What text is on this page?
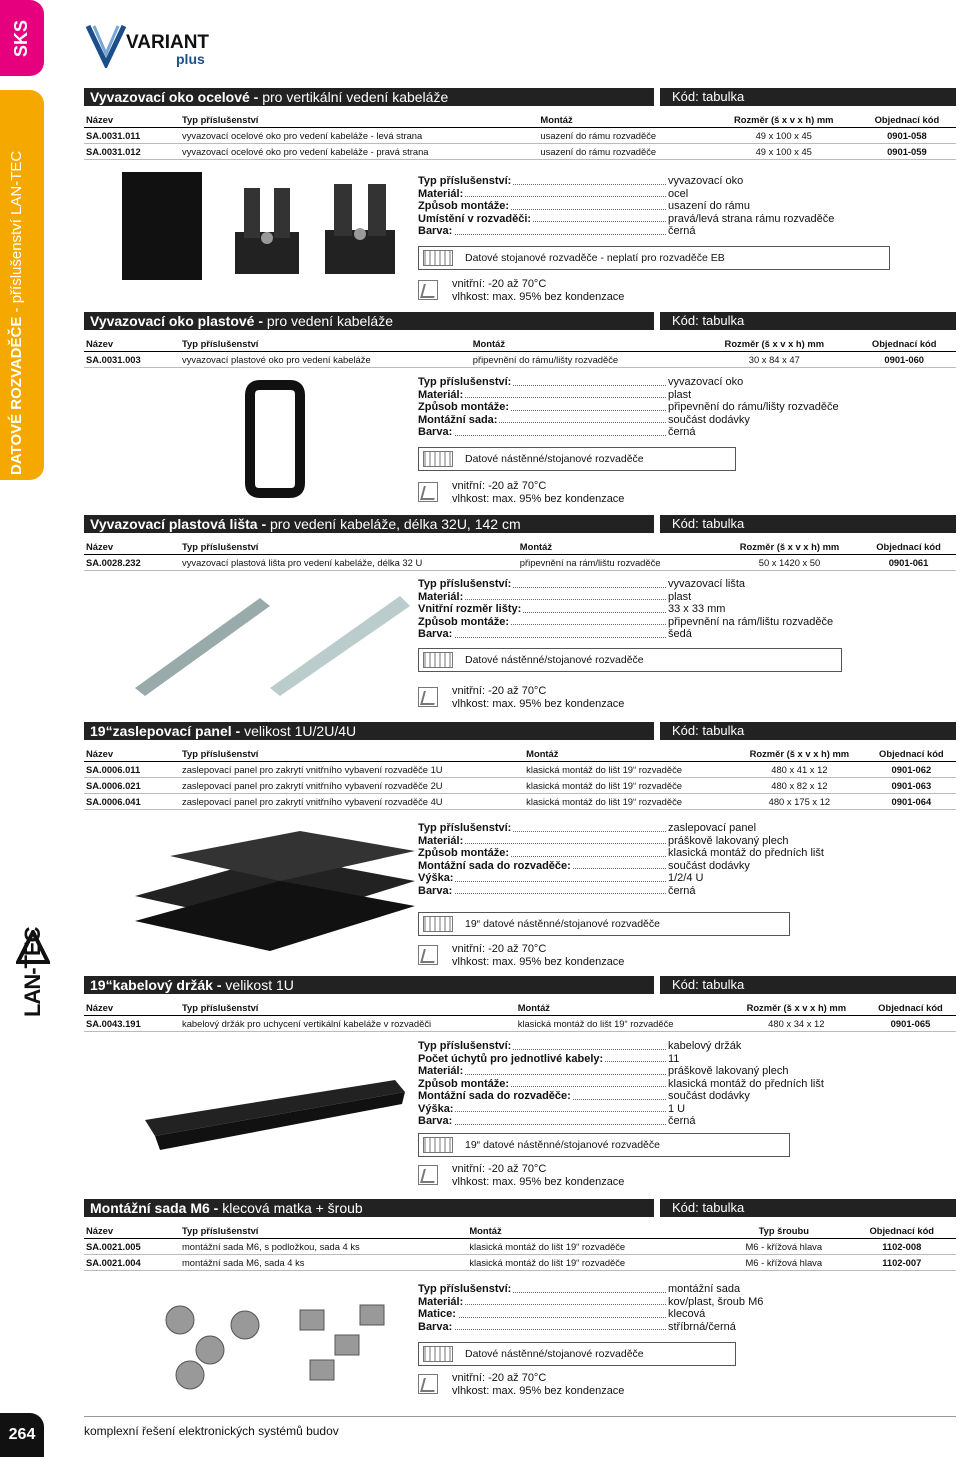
SKS
DATOVÉ ROZVADĚČE - příslušenství LAN-TEC
LAN-TEC
264
VARIANT
plus
Vyvazovací oko ocelové - pro vertikální vedení kabeláže	Kód: tabulka
Název	Typ příslušenství	Montáž	Rozměr (š x v x h) mm	Objednací kód
SA.0031.011	vyvazovací ocelové oko pro vedení kabeláže - levá strana	usazení do rámu rozvaděče	49 x 100 x 45	0901-058
SA.0031.012	vyvazovací ocelové oko pro vedení kabeláže - pravá strana	usazení do rámu rozvaděče	49 x 100 x 45	0901-059
Typ příslušenství:	vyvazovací oko
Materiál:	ocel
Způsob montáže:	usazení do rámu
Umístění v rozvaděči:	pravá/levá strana rámu rozvaděče
Barva:	černá
Datové stojanové rozvaděče - neplatí pro rozvaděče EB
vnitřní: -20 až 70°C
vlhkost: max. 95% bez kondenzace
Vyvazovací oko plastové - pro vedení kabeláže	Kód: tabulka
Název	Typ příslušenství	Montáž	Rozměr (š x v x h) mm	Objednací kód
SA.0031.003	vyvazovací plastové oko pro vedení kabeláže	připevnění do rámu/lišty rozvaděče	30 x 84 x 47	0901-060
Typ příslušenství:	vyvazovací oko
Materiál:	plast
Způsob montáže:	připevnění do rámu/lišty rozvaděče
Montážní sada:	součást dodávky
Barva:	černá
Datové nástěnné/stojanové rozvaděče
vnitřní: -20 až 70°C
vlhkost: max. 95% bez kondenzace
Vyvazovací plastová lišta - pro vedení kabeláže, délka 32U, 142 cm	Kód: tabulka
Název	Typ příslušenství	Montáž	Rozměr (š x v x h) mm	Objednací kód
SA.0028.232	vyvazovací plastová lišta pro vedení kabeláže, délka 32 U	připevnění na rám/lištu rozvaděče	50 x 1420 x 50	0901-061
Typ příslušenství:	vyvazovací lišta
Materiál:	plast
Vnitřní rozměr lišty:	33 x 33 mm
Způsob montáže:	připevnění na rám/lištu rozvaděče
Barva:	šedá
Datové nástěnné/stojanové rozvaděče
vnitřní: -20 až 70°C
vlhkost: max. 95% bez kondenzace
19“zaslepovací panel - velikost 1U/2U/4U	Kód: tabulka
Název	Typ příslušenství	Montáž	Rozměr (š x v x h) mm	Objednací kód
SA.0006.011	zaslepovací panel pro zakrytí vnitřního vybavení rozvaděče 1U	klasická montáž do lišt 19“ rozvaděče	480 x 41 x 12	0901-062
SA.0006.021	zaslepovací panel pro zakrytí vnitřního vybavení rozvaděče 2U	klasická montáž do lišt 19“ rozvaděče	480 x 82 x 12	0901-063
SA.0006.041	zaslepovací panel pro zakrytí vnitřního vybavení rozvaděče 4U	klasická montáž do lišt 19“ rozvaděče	480 x 175 x 12	0901-064
Typ příslušenství:	zaslepovací panel
Materiál:	práškově lakovaný plech
Způsob montáže:	klasická montáž do předních lišt
Montážní sada do rozvaděče:	součást dodávky
Výška:	1/2/4 U
Barva:	černá
19“ datové nástěnné/stojanové rozvaděče
vnitřní: -20 až 70°C
vlhkost: max. 95% bez kondenzace
19“kabelový držák - velikost 1U	Kód: tabulka
Název	Typ příslušenství	Montáž	Rozměr (š x v x h) mm	Objednací kód
SA.0043.191	kabelový držák pro uchycení vertikální kabeláže v rozvaděči	klasická montáž do lišt 19“ rozvaděče	480 x 34 x 12	0901-065
Typ příslušenství:	kabelový držák
Počet úchytů pro jednotlivé kabely:	11
Materiál:	práškově lakovaný plech
Způsob montáže:	klasická montáž do předních lišt
Montážní sada do rozvaděče:	součást dodávky
Výška:	1 U
Barva:	černá
19“ datové nástěnné/stojanové rozvaděče
vnitřní: -20 až 70°C
vlhkost: max. 95% bez kondenzace
Montážní sada M6 - klecová matka + šroub	Kód: tabulka
Název	Typ příslušenství	Montáž	Typ šroubu	Objednací kód
SA.0021.005	montážní sada M6, s podložkou, sada 4 ks	klasická montáž do lišt 19“ rozvaděče	M6 - křížová hlava	1102-008
SA.0021.004	montážní sada M6, sada 4 ks	klasická montáž do lišt 19“ rozvaděče	M6 - křížová hlava	1102-007
Typ příslušenství:	montážní sada
Materiál:	kov/plast, šroub M6
Matice:	klecová
Barva:	stříbrná/černá
Datové nástěnné/stojanové rozvaděče
vnitřní: -20 až 70°C
vlhkost: max. 95% bez kondenzace
komplexní řešení elektronických systémů budov
